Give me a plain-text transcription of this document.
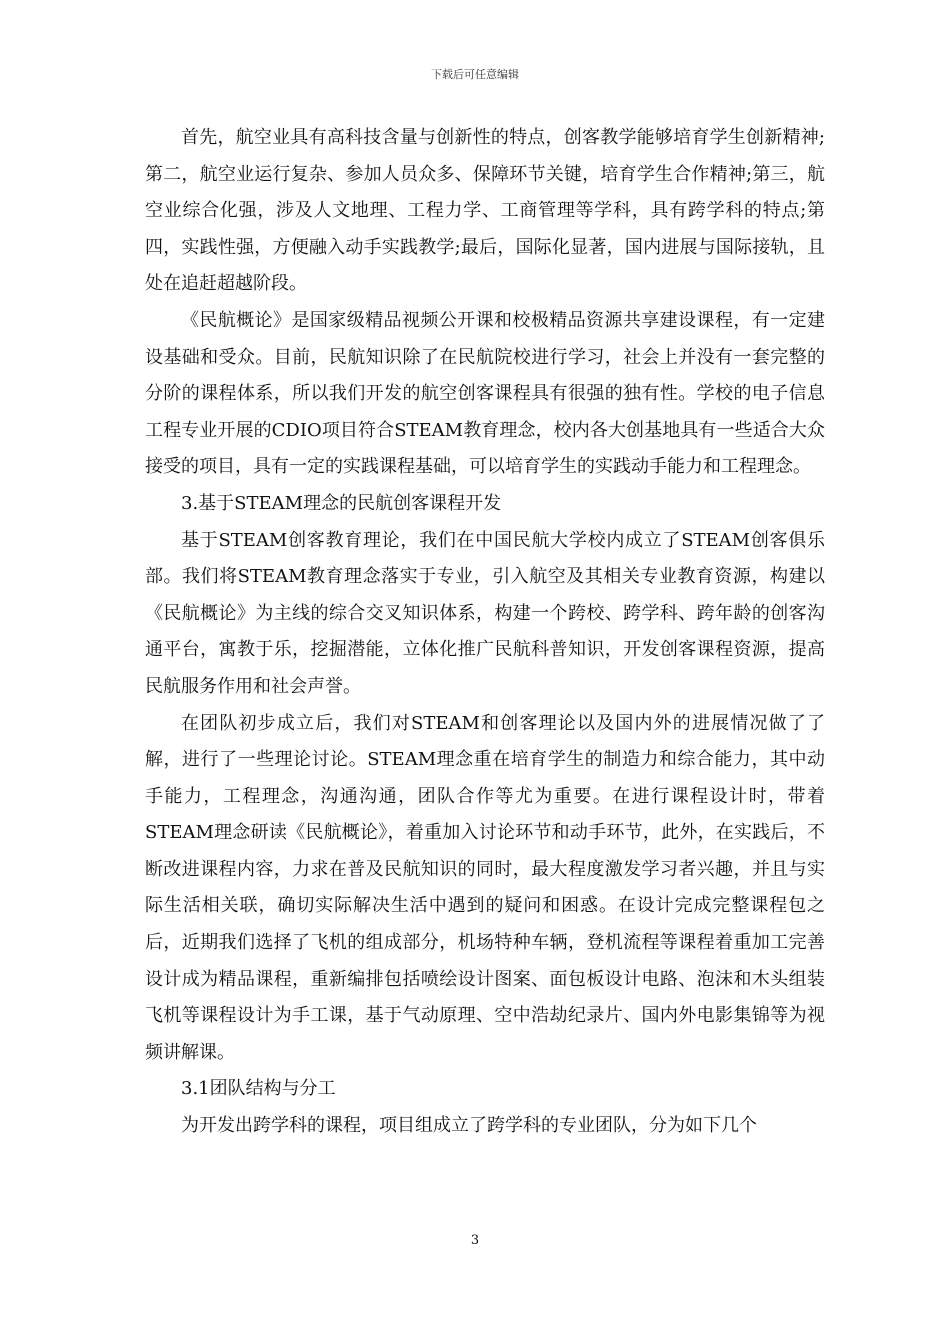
下载后可任意编辑

首先，航空业具有高科技含量与创新性的特点，创客教学能够培育学生创新精神;第二，航空业运行复杂、参加人员众多、保障环节关键，培育学生合作精神;第三，航空业综合化强，涉及人文地理、工程力学、工商管理等学科，具有跨学科的特点;第四，实践性强，方便融入动手实践教学;最后，国际化显著，国内进展与国际接轨，且处在追赶超越阶段。

《民航概论》是国家级精品视频公开课和校极精品资源共享建设课程，有一定建设基础和受众。目前，民航知识除了在民航院校进行学习，社会上并没有一套完整的分阶的课程体系，所以我们开发的航空创客课程具有很强的独有性。学校的电子信息工程专业开展的CDIO项目符合STEAM教育理念，校内各大创基地具有一些适合大众接受的项目，具有一定的实践课程基础，可以培育学生的实践动手能力和工程理念。

3.基于STEAM理念的民航创客课程开发

基于STEAM创客教育理论，我们在中国民航大学校内成立了STEAM创客俱乐部。我们将STEAM教育理念落实于专业，引入航空及其相关专业教育资源，构建以《民航概论》为主线的综合交叉知识体系，构建一个跨校、跨学科、跨年龄的创客沟通平台，寓教于乐，挖掘潜能，立体化推广民航科普知识，开发创客课程资源，提高民航服务作用和社会声誉。

在团队初步成立后，我们对STEAM和创客理论以及国内外的进展情况做了了解，进行了一些理论讨论。STEAM理念重在培育学生的制造力和综合能力，其中动手能力，工程理念，沟通沟通，团队合作等尤为重要。在进行课程设计时，带着STEAM理念研读《民航概论》，着重加入讨论环节和动手环节，此外，在实践后，不断改进课程内容，力求在普及民航知识的同时，最大程度激发学习者兴趣，并且与实际生活相关联，确切实际解决生活中遇到的疑问和困惑。在设计完成完整课程包之后，近期我们选择了飞机的组成部分，机场特种车辆，登机流程等课程着重加工完善设计成为精品课程，重新编排包括喷绘设计图案、面包板设计电路、泡沫和木头组装飞机等课程设计为手工课，基于气动原理、空中浩劫纪录片、国内外电影集锦等为视频讲解课。

3.1团队结构与分工

为开发出跨学科的课程，项目组成立了跨学科的专业团队，分为如下几个

3
